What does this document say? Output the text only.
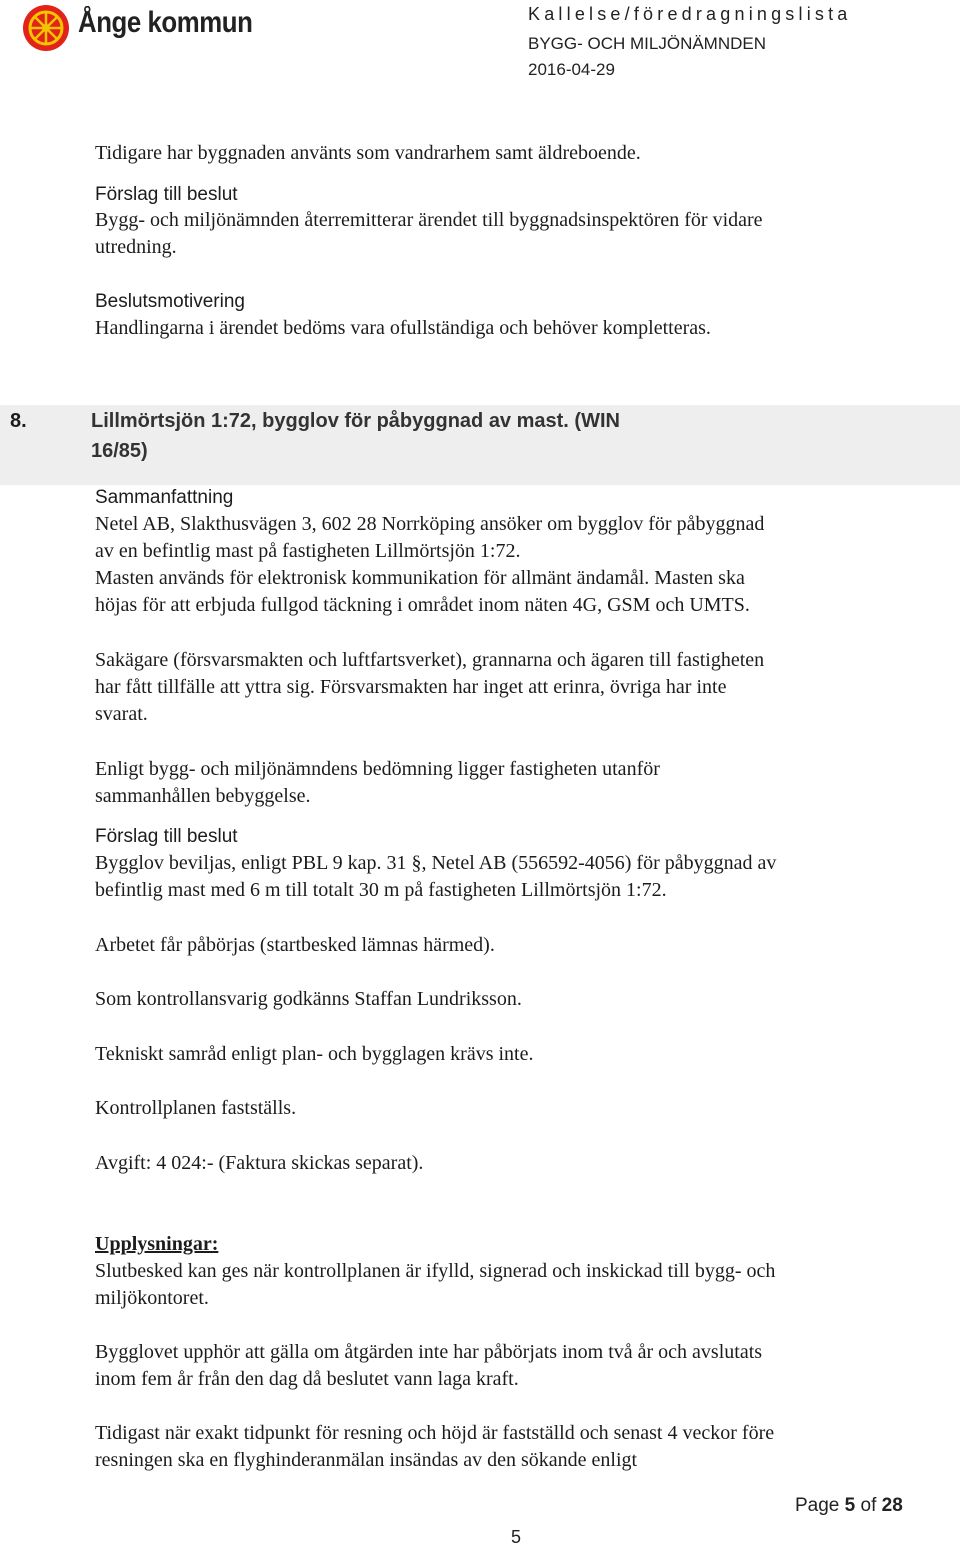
Ånge kommun	Kallelse/föredragningslista
BYGG- OCH MILJÖNÄMNDEN
2016-04-29
Tidigare har byggnaden använts som vandrarhem samt äldreboende.
Förslag till beslut
Bygg- och miljönämnden återremitterar ärendet till byggnadsinspektören för vidare
utredning.
Beslutsmotivering
Handlingarna i ärendet bedöms vara ofullständiga och behöver kompletteras.
8.	Lillmörtsjön 1:72, bygglov för påbyggnad av mast. (WIN
16/85)
Sammanfattning
Netel AB, Slakthusvägen 3, 602 28 Norrköping ansöker om bygglov för påbyggnad
av en befintlig mast på fastigheten Lillmörtsjön 1:72.
Masten används för elektronisk kommunikation för allmänt ändamål. Masten ska
höjas för att erbjuda fullgod täckning i området inom näten 4G, GSM och UMTS.
Sakägare (försvarsmakten och luftfartsverket), grannarna och ägaren till fastigheten
har fått tillfälle att yttra sig. Försvarsmakten har inget att erinra, övriga har inte
svarat.
Enligt bygg- och miljönämndens bedömning ligger fastigheten utanför
sammanhållen bebyggelse.
Förslag till beslut
Bygglov beviljas, enligt PBL 9 kap. 31 §, Netel AB (556592-4056) för påbyggnad av
befintlig mast med 6 m till totalt 30 m på fastigheten Lillmörtsjön 1:72.
Arbetet får påbörjas (startbesked lämnas härmed).
Som kontrollansvarig godkänns Staffan Lundriksson.
Tekniskt samråd enligt plan- och bygglagen krävs inte.
Kontrollplanen fastställs.
Avgift: 4 024:- (Faktura skickas separat).
Upplysningar:
Slutbesked kan ges när kontrollplanen är ifylld, signerad och inskickad till bygg- och
miljökontoret.
Bygglovet upphör att gälla om åtgärden inte har påbörjats inom två år och avslutats
inom fem år från den dag då beslutet vann laga kraft.
Tidigast när exakt tidpunkt för resning och höjd är fastställd och senast 4 veckor före
resningen ska en flyghinderanmälan insändas av den sökande enligt
Page 5 of 28
5
